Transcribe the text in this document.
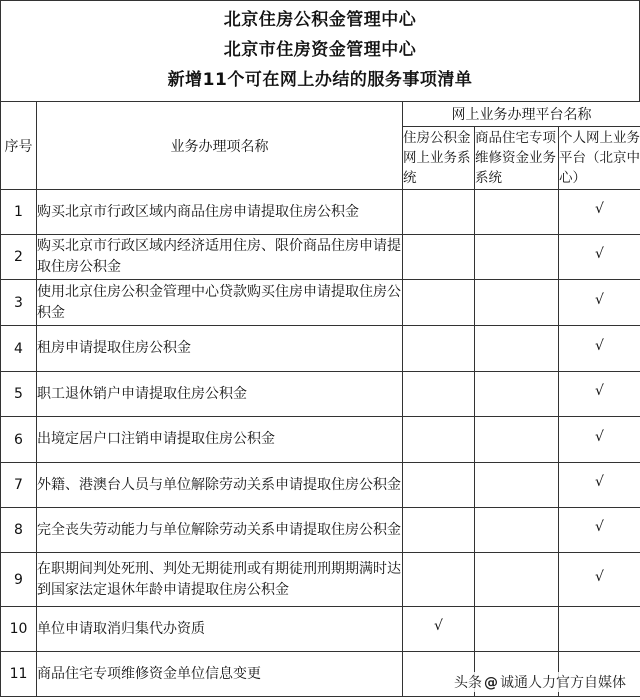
北京住房公积金管理中心
北京市住房资金管理中心
新增11个可在网上办结的服务事项清单
序号	业务办理项名称	网上业务办理平台名称		
		住房公积金网上业务系统	商品住宅专项维修资金业务系统	个人网上业务平台（北京中心）
1	购买北京市行政区域内商品住房申请提取住房公积金			√
2	购买北京市行政区域内经济适用住房、限价商品住房申请提取住房公积金			√
3	使用北京住房公积金管理中心贷款购买住房申请提取住房公积金			√
4	租房申请提取住房公积金			√
5	职工退休销户申请提取住房公积金			√
6	出境定居户口注销申请提取住房公积金			√
7	外籍、港澳台人员与单位解除劳动关系申请提取住房公积金			√
8	完全丧失劳动能力与单位解除劳动关系申请提取住房公积金			√
9	在职期间判处死刑、判处无期徒刑或有期徒刑刑期期满时达到国家法定退休年龄申请提取住房公积金			√
10	单位申请取消归集代办资质	√		
11	商品住宅专项维修资金单位信息变更			
头条 @ 诚通人力官方自媒体
